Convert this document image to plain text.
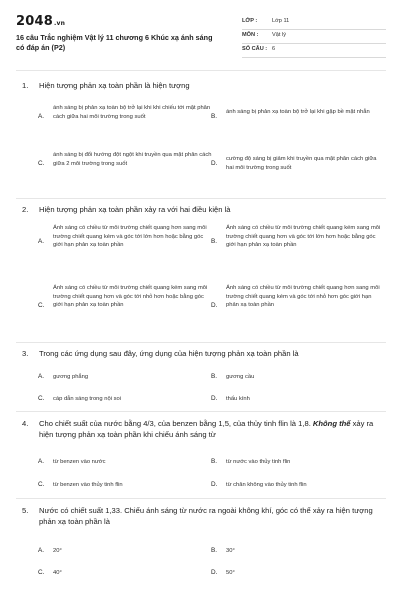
2048.vn
16 câu Trắc nghiệm Vật lý 11 chương 6 Khúc xạ ánh sáng có đáp án (P2)
LỚP :	Lớp 11
MÔN : Vật lý
SỐ CÂU : 6
1. Hiện tượng phản xạ toàn phần là hiện tượng
A.
ánh sáng bị phản xạ toàn bộ trở lại khi khi chiếu tới mặt phân cách giữa hai môi trường trong suốt	B.
ánh sáng bị phản xạ toàn bộ trở lại khi gặp bề mặt nhẵn
C.
ánh sáng bị đổi hướng đột ngột khi truyền qua mặt phân cách giữa 2 môi trường trong suốt	D.
cường độ sáng bị giảm khi truyền qua mặt phân cách giữa hai môi trường trong suốt
2. Hiện tượng phản xạ toàn phần xảy ra với hai điều kiện là
A.
Ánh sáng có chiều từ môi trường chiết quang hơn sang môi trường chiết quang kém và góc tới lớn hơn hoặc bằng góc giới hạn phản xạ toàn phần
B.
Ánh sáng có chiều từ môi trường chiết quang kém sang môi trường chiết quang hơn và góc tới lớn hơn hoặc bằng góc giới hạn phản xạ toàn phần
C.
Ánh sáng có chiều từ môi trường chiết quang kém sang môi trường chiết quang hơn và góc tới nhỏ hơn hoặc bằng góc giới hạn phản xạ toàn phần	D.
Ánh sáng có chiều từ môi trường chiết quang hơn sang môi trường chiết quang kém và góc tới nhỏ hơn góc giới hạn phản xạ toàn phần
3. Trong các ứng dụng sau đây, ứng dụng của hiện tượng phản xạ toàn phần là
A. gương phẳng	B. gương cầu
C. cáp dẫn sáng trong nội soi	D. thấu kính
4. Cho chiết suất của nước bằng 4/3, của benzen bằng 1,5, của thủy tinh flin là 1,8. Không thể xảy ra hiện tượng phản xạ toàn phần khi chiếu ánh sáng từ
A. từ benzen vào nước	B. từ nước vào thủy tinh flin
C. từ benzen vào thủy tinh flin	D. từ chân không vào thủy tinh flin
5. Nước có chiết suất 1,33. Chiếu ánh sáng từ nước ra ngoài không khí, góc có thể xảy ra hiện tượng phản xạ toàn phần là
A. 20°	B. 30°
C. 40°	D. 50°
